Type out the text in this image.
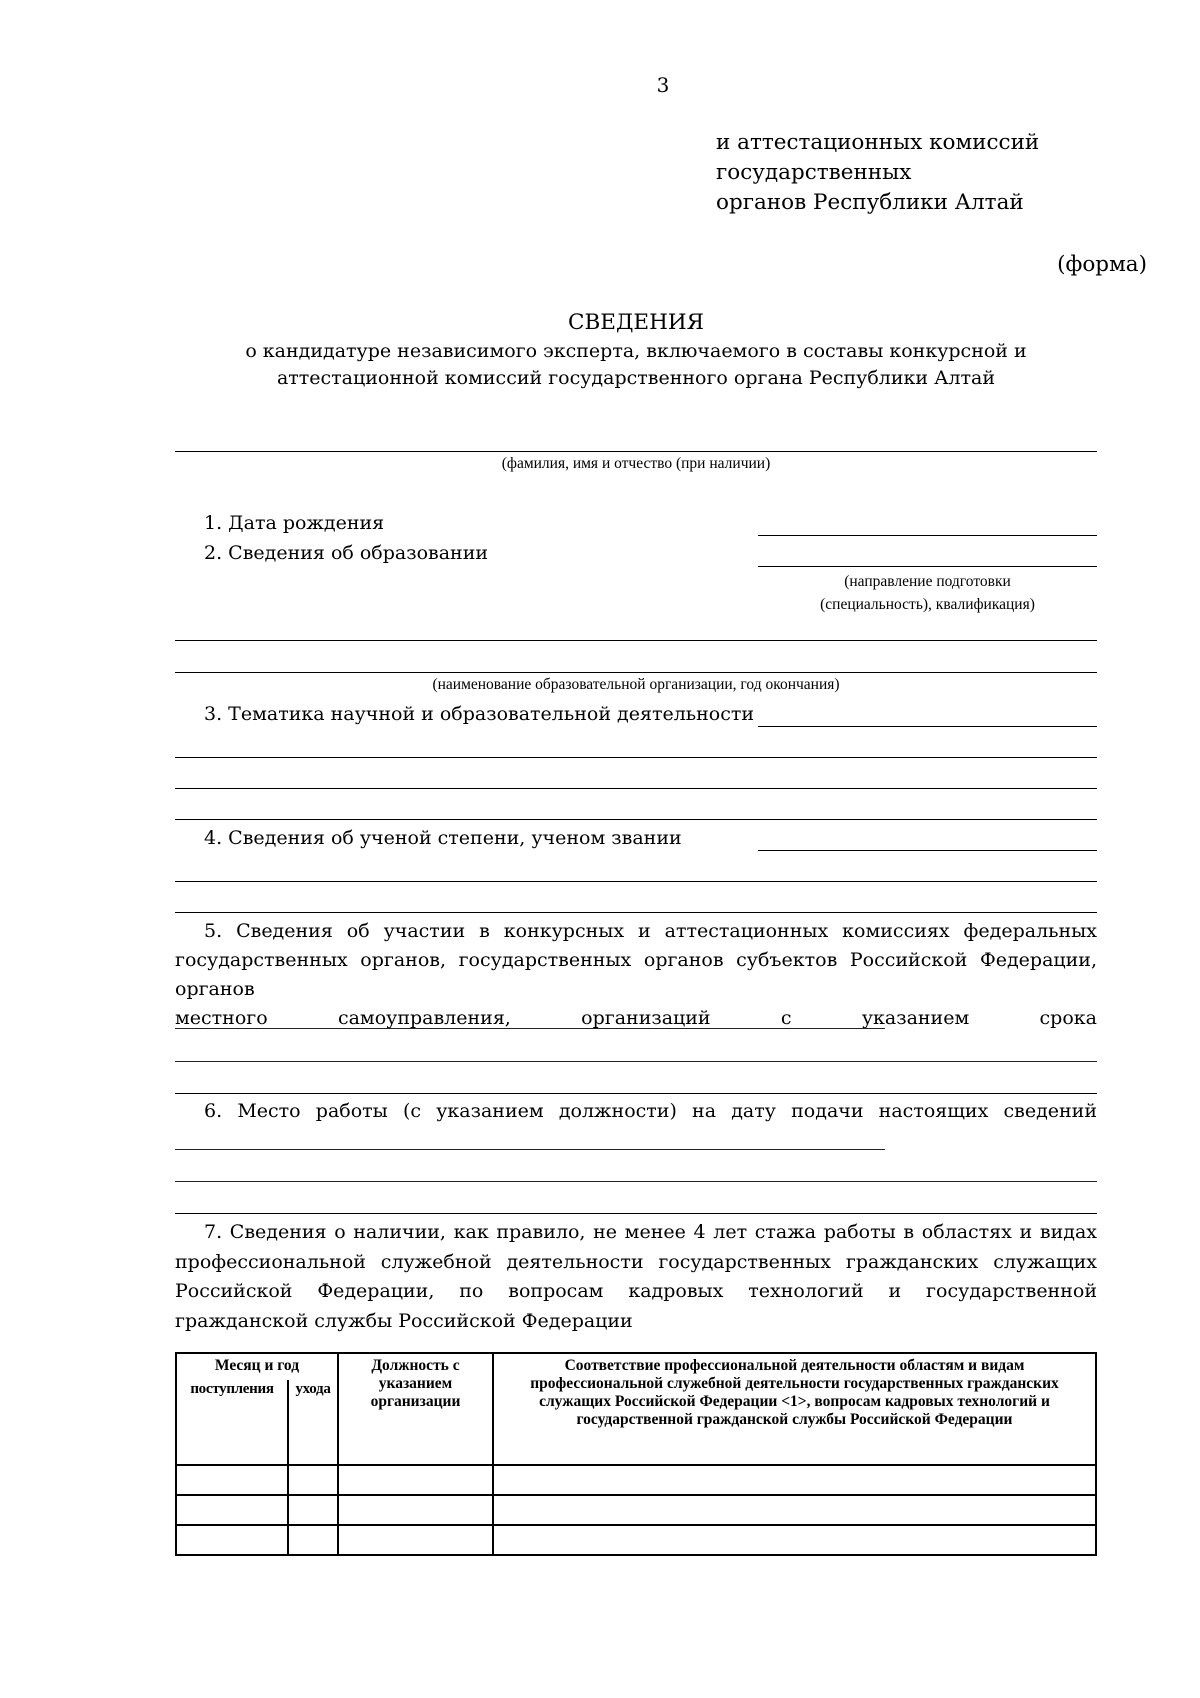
3
и аттестационных комиссий
государственных
органов Республики Алтай
(форма)
СВЕДЕНИЯ
о кандидатуре независимого эксперта, включаемого в составы конкурсной и
аттестационной комиссий государственного органа Республики Алтай
(фамилия, имя и отчество (при наличии)
1. Дата рождения
2. Сведения об образовании
(направление подготовки
(специальность), квалификация)
(наименование образовательной организации, год окончания)
3. Тематика научной и образовательной деятельности
4. Сведения об ученой степени, ученом звании
5. Сведения об участии в конкурсных и аттестационных комиссиях федеральных
государственных органов, государственных органов субъектов Российской Федерации, органов
местного самоуправления, организаций с указанием срока
6. Место работы (с указанием должности) на дату подачи настоящих сведений
7. Сведения о наличии, как правило, не менее 4 лет стажа работы в областях и видах профессиональной служебной деятельности государственных гражданских служащих Российской Федерации, по вопросам кадровых технологий и государственной гражданской службы Российской Федерации
Месяц и год		Должность с указанием организации	Соответствие профессиональной деятельности областям и видам профессиональной служебной деятельности государственных гражданских служащих Российской Федерации <1>, вопросам кадровых технологий и государственной гражданской службы Российской Федерации
поступления	ухода		
